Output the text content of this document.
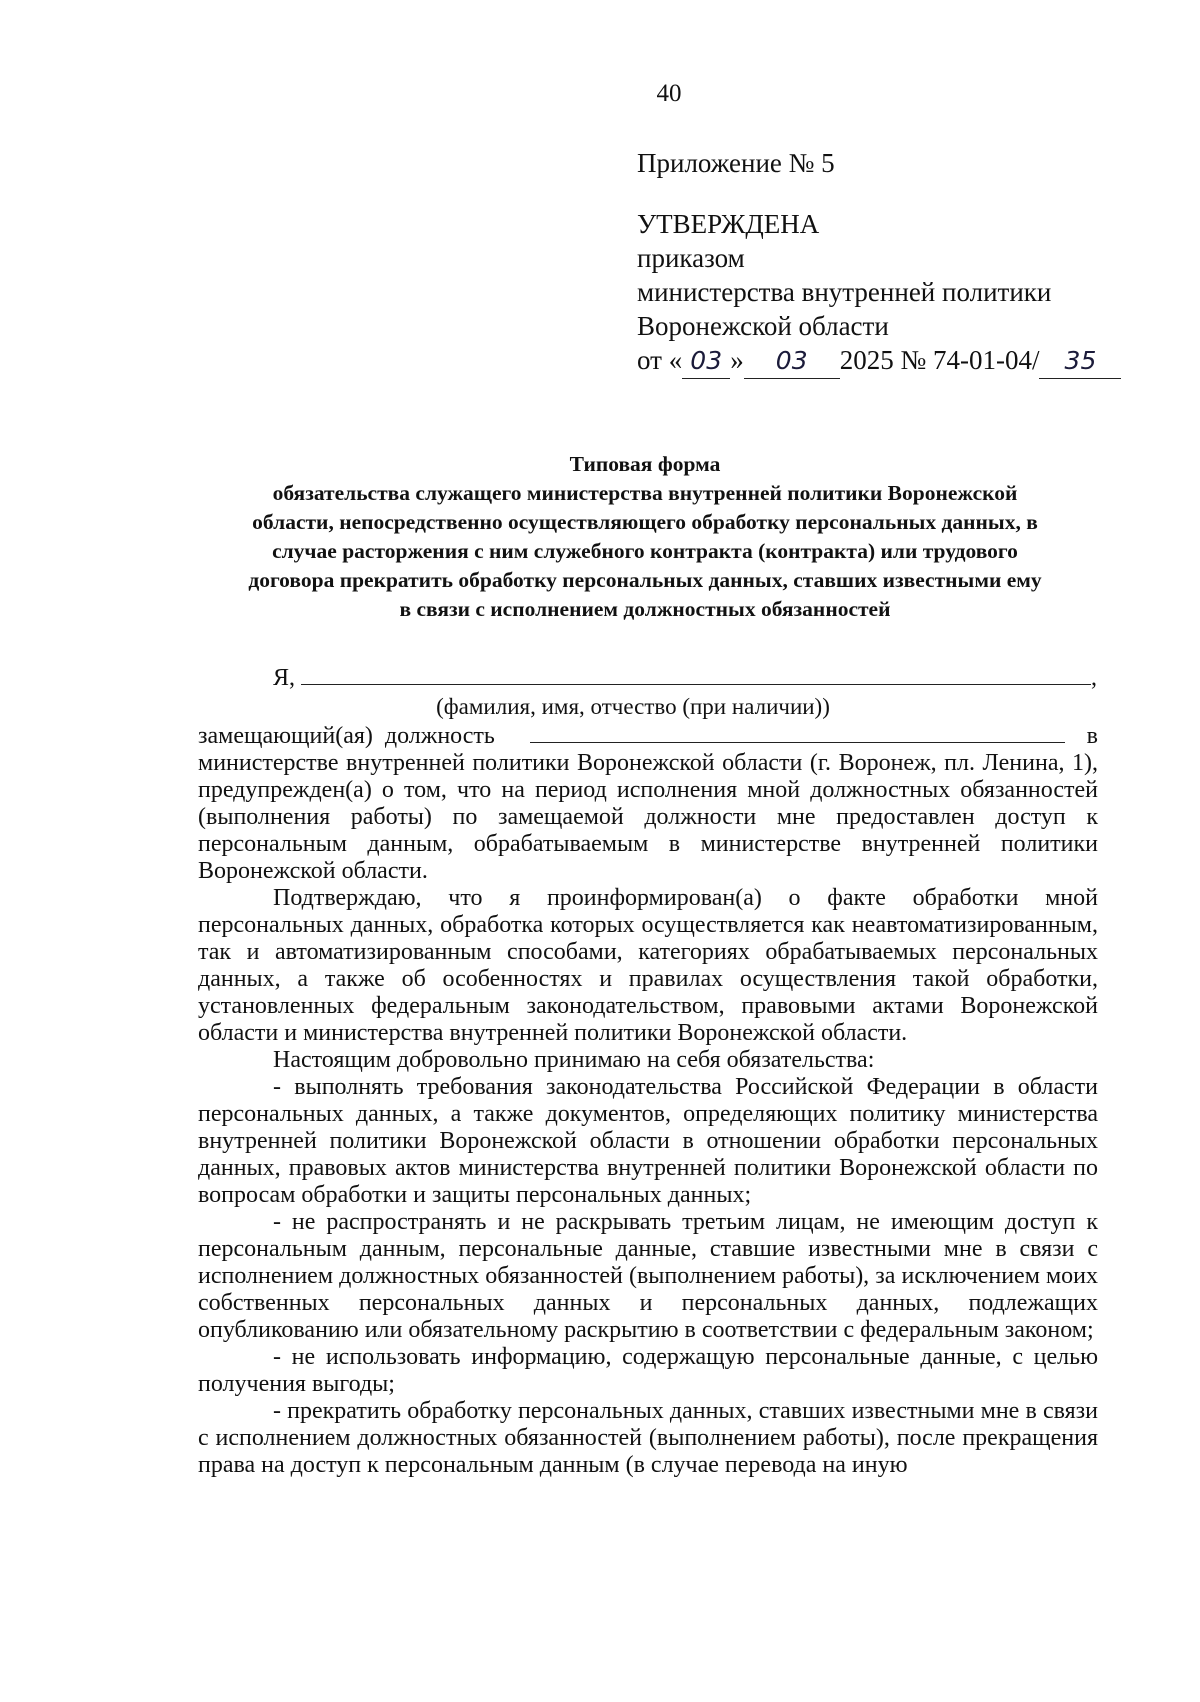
40
Приложение № 5
УТВЕРЖДЕНА
приказом
министерства внутренней политики
Воронежской области
от « 03 » 03 2025 № 74-01-04/ 35
Типовая форма
обязательства служащего министерства внутренней политики Воронежской
области, непосредственно осуществляющего обработку персональных данных, в
случае расторжения с ним служебного контракта (контракта) или трудового
договора прекратить обработку персональных данных, ставших известными ему
в связи с исполнением должностных обязанностей
Я,	,
(фамилия, имя, отчество (при наличии))
замещающий(ая)  должность	в

министерстве внутренней политики Воронежской области (г. Воронеж, пл. Ленина, 1), предупрежден(а) о том, что на период исполнения мной должностных обязанностей (выполнения работы) по замещаемой должности мне предоставлен доступ к персональным данным, обрабатываемым в министерстве внутренней политики Воронежской области.

Подтверждаю, что я проинформирован(а) о факте обработки мной персональных данных, обработка которых осуществляется как неавтоматизированным, так и автоматизированным способами, категориях обрабатываемых персональных данных, а также об особенностях и правилах осуществления такой обработки, установленных федеральным законодательством, правовыми актами Воронежской области и министерства внутренней политики Воронежской области.

Настоящим добровольно принимаю на себя обязательства:

- выполнять требования законодательства Российской Федерации в области персональных данных, а также документов, определяющих политику министерства внутренней политики Воронежской области в отношении обработки персональных данных, правовых актов министерства внутренней политики Воронежской области по вопросам обработки и защиты персональных данных;

- не распространять и не раскрывать третьим лицам, не имеющим доступ к персональным данным, персональные данные, ставшие известными мне в связи с исполнением должностных обязанностей (выполнением работы), за исключением моих собственных персональных данных и персональных данных, подлежащих опубликованию или обязательному раскрытию в соответствии с федеральным законом;

- не использовать информацию, содержащую персональные данные, с целью получения выгоды;

- прекратить обработку персональных данных, ставших известными мне в связи с исполнением должностных обязанностей (выполнением работы), после прекращения права на доступ к персональным данным (в случае перевода на иную
